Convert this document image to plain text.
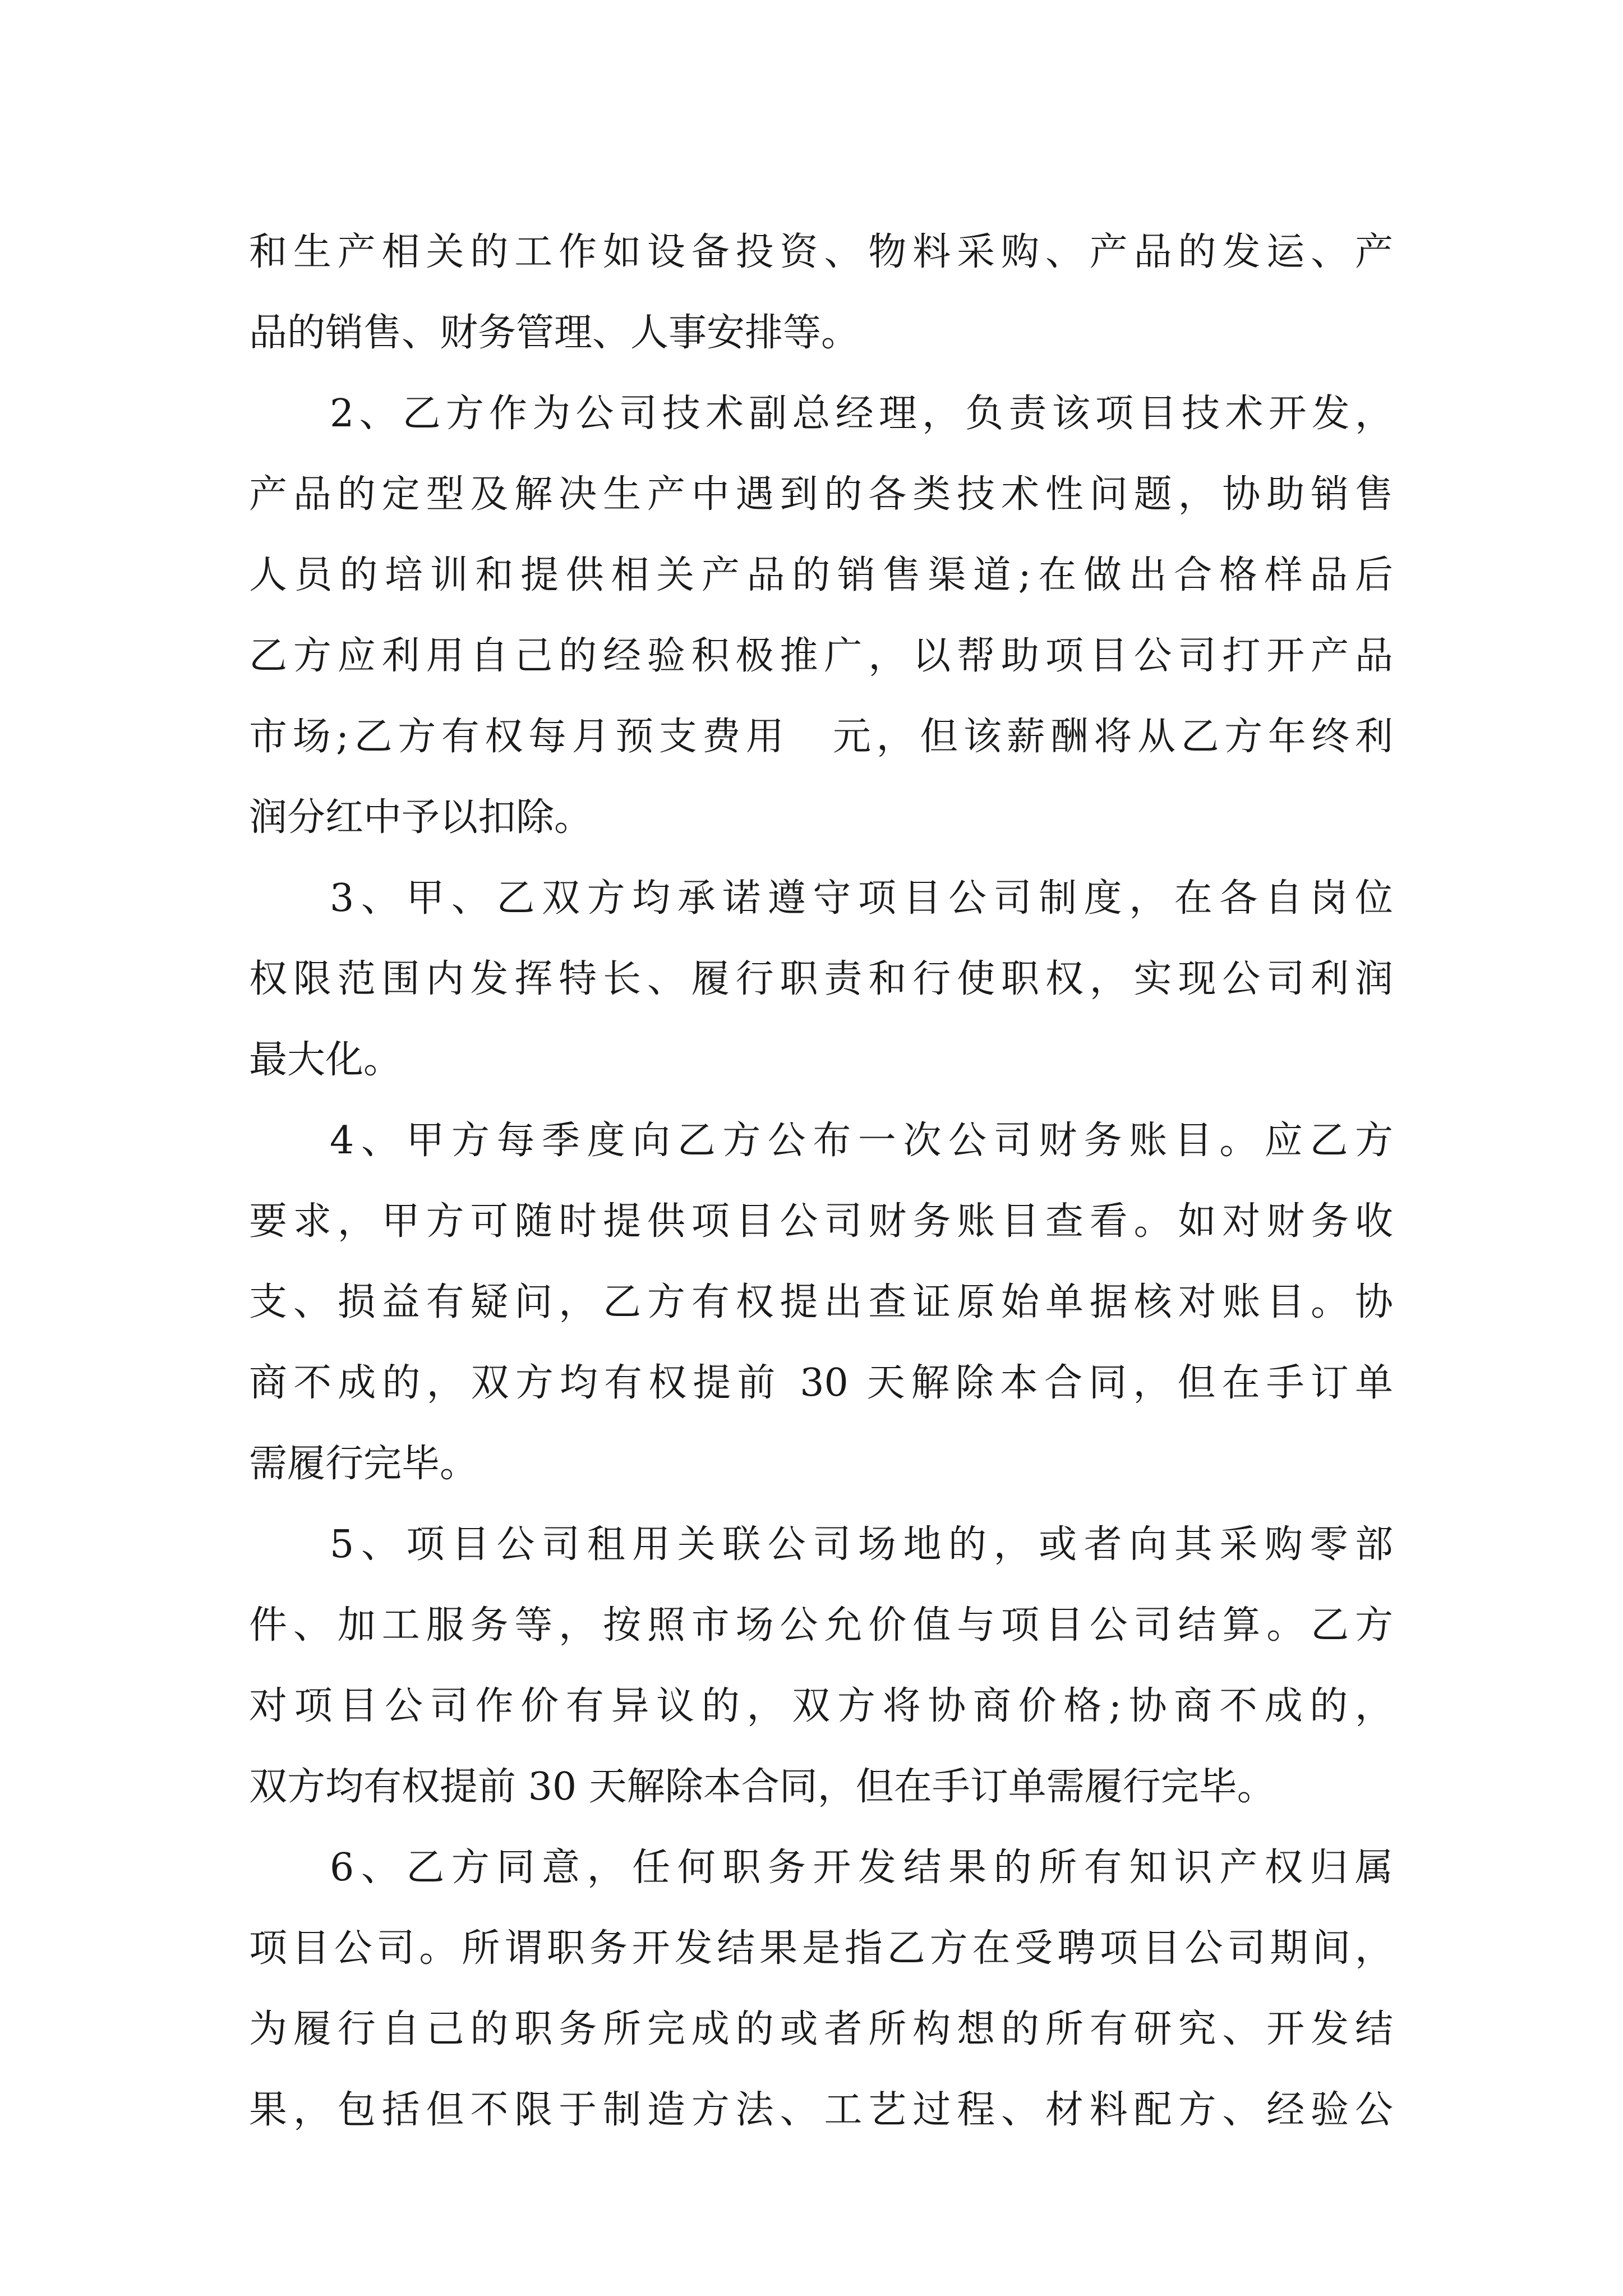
和生产相关的工作如设备投资、物料采购、产品的发运、产
品的销售、财务管理、人事安排等。
2、乙方作为公司技术副总经理，负责该项目技术开发，
产品的定型及解决生产中遇到的各类技术性问题，协助销售
人员的培训和提供相关产品的销售渠道;在做出合格样品后
乙方应利用自己的经验积极推广，以帮助项目公司打开产品
市场;乙方有权每月预支费用　元，但该薪酬将从乙方年终利
润分红中予以扣除。
3、甲、乙双方均承诺遵守项目公司制度，在各自岗位
权限范围内发挥特长、履行职责和行使职权，实现公司利润
最大化。
4、甲方每季度向乙方公布一次公司财务账目。应乙方
要求，甲方可随时提供项目公司财务账目查看。如对财务收
支、损益有疑问，乙方有权提出查证原始单据核对账目。协
商不成的，双方均有权提前 30 天解除本合同，但在手订单
需履行完毕。
5、项目公司租用关联公司场地的，或者向其采购零部
件、加工服务等，按照市场公允价值与项目公司结算。乙方
对项目公司作价有异议的，双方将协商价格;协商不成的，
双方均有权提前 30 天解除本合同，但在手订单需履行完毕。
6、乙方同意，任何职务开发结果的所有知识产权归属
项目公司。所谓职务开发结果是指乙方在受聘项目公司期间，
为履行自己的职务所完成的或者所构想的所有研究、开发结
果，包括但不限于制造方法、工艺过程、材料配方、经验公
